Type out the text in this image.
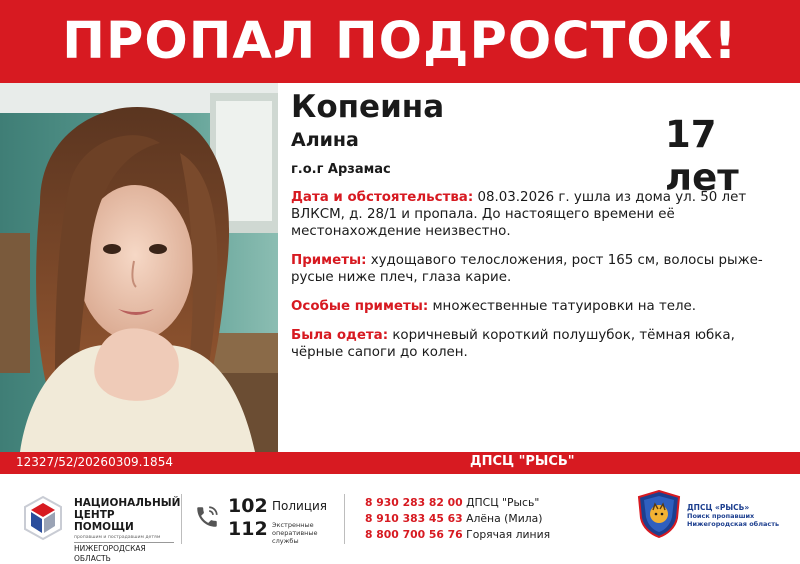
ПРОПАЛ ПОДРОСТОК!
Копеина
Алина
г.о.г Арзамас

Дата и обстоятельства: 08.03.2026 г. ушла из дома ул. 50 лет ВЛКСМ, д. 28/1 и пропала. До настоящего времени её местонахождение неизвестно.

Приметы: худощавого телосложения, рост 165 см, волосы рыже-русые ниже плеч, глаза карие.

Особые приметы: множественные татуировки на теле.

Была одета: коричневый короткий полушубок, тёмная юбка, чёрные сапоги до колен.

17 лет
12327/52/20260309.1854	ДПСЦ "РЫСЬ"
НАЦИОНАЛЬНЫЙ
ЦЕНТР ПОМОЩИ
пропавшим и пострадавшим детям
НИЖЕГОРОДСКАЯ ОБЛАСТЬ
102 Полиция
112 Экстренные оперативные службы
8 930 283 82 00 ДПСЦ "Рысь"
8 910 383 45 63 Алёна (Мила)
8 800 700 56 76 Горячая линия
ДПСЦ «РЫСЬ»
Поиск пропавших Нижегородская область
